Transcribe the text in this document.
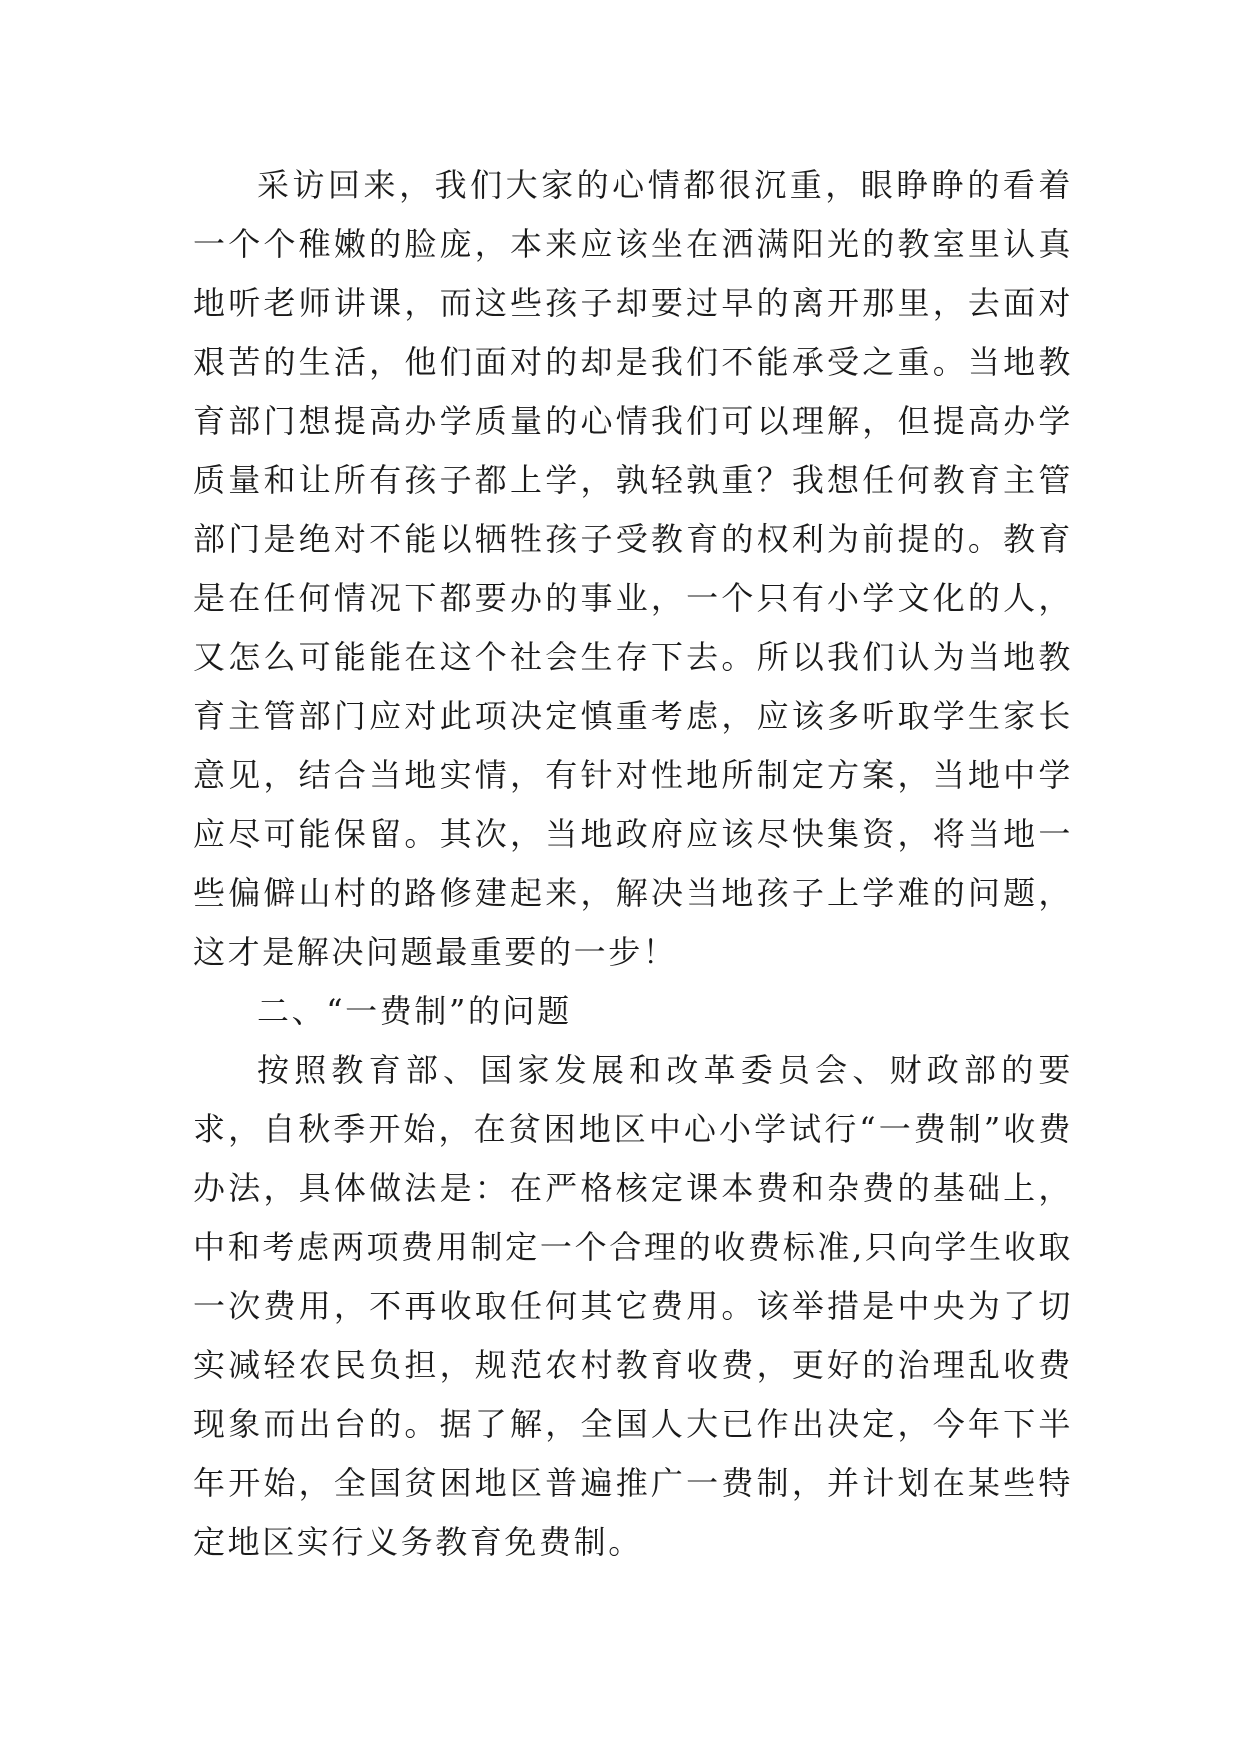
采访回来，我们大家的心情都很沉重，眼睁睁的看着一个个稚嫩的脸庞，本来应该坐在洒满阳光的教室里认真地听老师讲课，而这些孩子却要过早的离开那里，去面对艰苦的生活，他们面对的却是我们不能承受之重。当地教育部门想提高办学质量的心情我们可以理解，但提高办学质量和让所有孩子都上学，孰轻孰重？我想任何教育主管部门是绝对不能以牺牲孩子受教育的权利为前提的。教育是在任何情况下都要办的事业，一个只有小学文化的人，又怎么可能能在这个社会生存下去。所以我们认为当地教育主管部门应对此项决定慎重考虑，应该多听取学生家长意见，结合当地实情，有针对性地所制定方案，当地中学应尽可能保留。其次，当地政府应该尽快集资，将当地一些偏僻山村的路修建起来，解决当地孩子上学难的问题，这才是解决问题最重要的一步！

二、“一费制”的问题

按照教育部、国家发展和改革委员会、财政部的要求，自秋季开始，在贫困地区中心小学试行“一费制”收费办法，具体做法是：在严格核定课本费和杂费的基础上，中和考虑两项费用制定一个合理的收费标准,只向学生收取一次费用，不再收取任何其它费用。该举措是中央为了切实减轻农民负担，规范农村教育收费，更好的治理乱收费现象而出台的。据了解，全国人大已作出决定，今年下半年开始，全国贫困地区普遍推广一费制，并计划在某些特定地区实行义务教育免费制。
